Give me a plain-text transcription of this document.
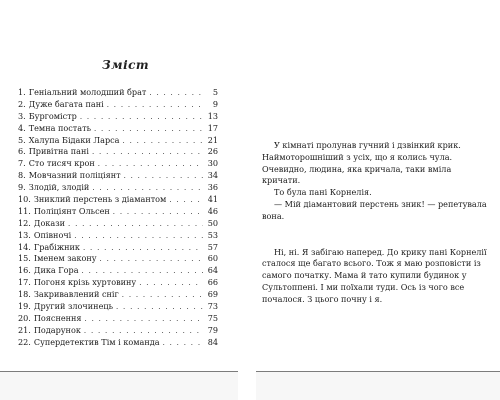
Зміст
1. Геніальний молодший брат . . .	5
2. Дуже багата пані . . .	9
3. Бургомістр . . .	13
4. Темна постать . . .	17
5. Халупа Бідаки Ларса . . .	21
6. Привітна пані . . .	26
7. Сто тисяч крон . . .	30
8. Мовчазний поліціянт . . .	34
9. Злодій, злодій . . .	36
10. Зниклий перстень з діамантом . . .	41
11. Поліціянт Ольсен . . .	46
12. Докази . . .	50
13. Опівночі . . .	53
14. Грабіжник . . .	57
15. Іменем закону . . .	60
16. Дика Гора . . .	64
17. Погоня крізь хуртовину . . .	66
18. Закривавлений сніг . . .	69
19. Другий злочинець . . .	73
20. Пояснення . . .	75
21. Подарунок . . .	79
22. Супердетектив Тім і команда . . .	84

У кімнаті пролунав гучний і дзвінкий крик. Наймоторошніший з усіх, що я колись чула. Очевидно, людина, яка кричала, таки вміла кричати.

То була пані Корнелія.

— Мій діамантовий перстень зник! — репетувала вона.

Ні, ні. Я забігаю наперед. До крику пані Корнелії сталося ще багато всього. Тож я маю розповісти із самого початку. Мама й тато купили будинок у Сультоппені. І ми поїхали туди. Ось із чого все почалося. З цього почну і я.
